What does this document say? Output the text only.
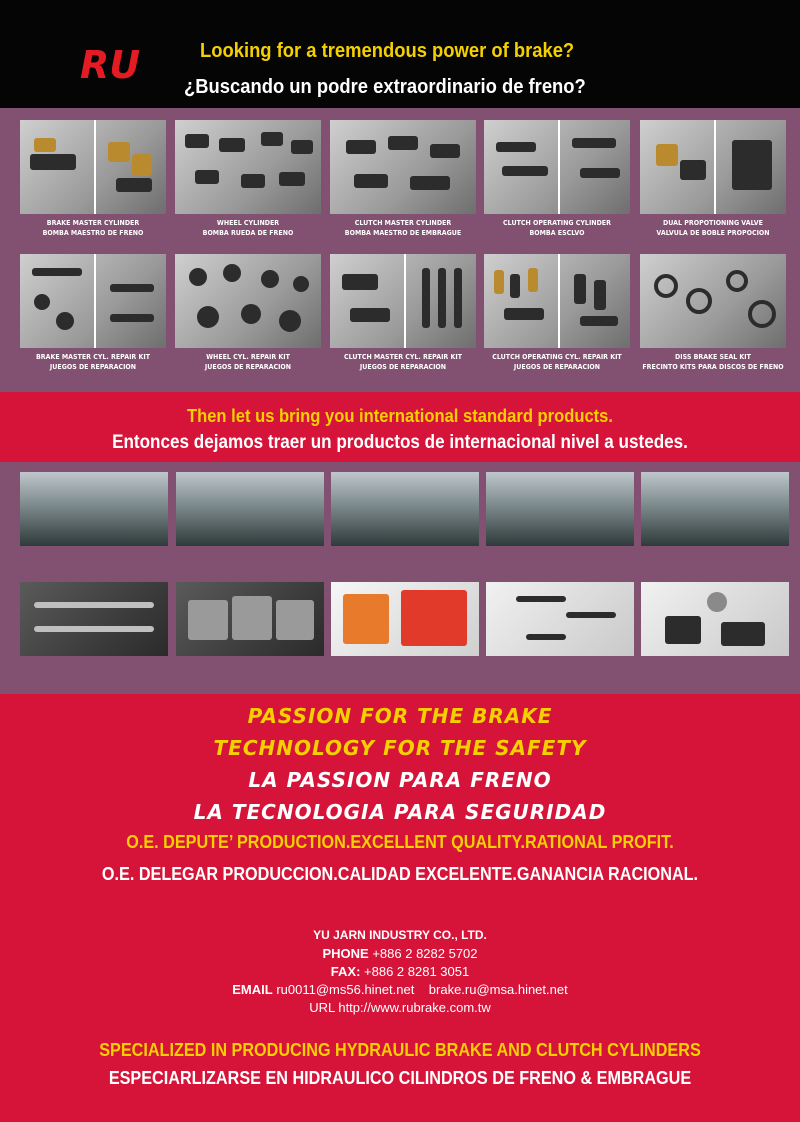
RU	Looking for a tremendous power of brake?
¿Buscando un podre extraordinario de freno?
BRAKE MASTER CYLINDER
BOMBA MAESTRO DE FRENO
WHEEL CYLINDER
BOMBA RUEDA DE FRENO
CLUTCH MASTER CYLINDER
BOMBA MAESTRO DE EMBRAGUE
CLUTCH OPERATING CYLINDER
BOMBA ESCLVO
DUAL PROPOTIONING VALVE
VALVULA DE BOBLE PROPOCION
BRAKE MASTER CYL. REPAIR KIT
JUEGOS DE REPARACION
WHEEL CYL. REPAIR KIT
JUEGOS DE REPARACION
CLUTCH MASTER CYL. REPAIR KIT
JUEGOS DE REPARACION
CLUTCH OPERATING CYL. REPAIR KIT
JUEGOS DE REPARACION
DISS BRAKE SEAL KIT
FRECINTO KITS PARA DISCOS DE FRENO
Then let us bring you international standard products.
Entonces dejamos traer un productos de internacional nivel a ustedes.
PASSION FOR THE BRAKE
TECHNOLOGY FOR THE SAFETY
LA PASSION PARA FRENO
LA TECNOLOGIA PARA SEGURIDAD
O.E. DEPUTE’ PRODUCTION.EXCELLENT QUALITY.RATIONAL PROFIT.
O.E. DELEGAR PRODUCCION.CALIDAD EXCELENTE.GANANCIA RACIONAL.
YU JARN INDUSTRY CO., LTD.
PHONE +886 2 8282 5702
FAX: +886 2 8281 3051
EMAIL ru0011@ms56.hinet.net    brake.ru@msa.hinet.net
URL http://www.rubrake.com.tw
SPECIALIZED IN PRODUCING HYDRAULIC BRAKE AND CLUTCH CYLINDERS
ESPECIARLIZARSE EN HIDRAULICO CILINDROS DE FRENO & EMBRAGUE
